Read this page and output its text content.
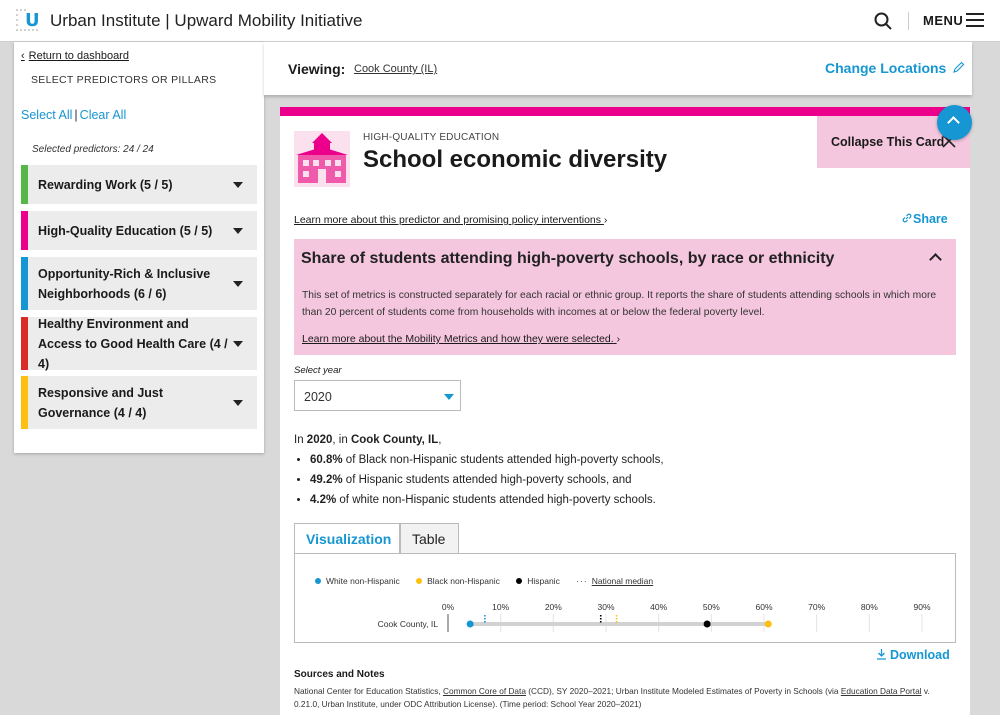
U Urban Institute | Upward Mobility Initiative	MENU
‹ Return to dashboard
SELECT PREDICTORS OR PILLARS
Select All | Clear All
Selected predictors: 24 / 24
Rewarding Work (5 / 5)
High-Quality Education (5 / 5)
Opportunity-Rich & Inclusive Neighborhoods (6 / 6)
Healthy Environment and Access to Good Health Care (4 / 4)
Responsive and Just Governance (4 / 4)
Viewing: Cook County (IL)	Change Locations
HIGH-QUALITY EDUCATION
School economic diversity
Collapse This Card
Learn more about this predictor and promising policy interventions ›	Share
Share of students attending high-poverty schools, by race or ethnicity
This set of metrics is constructed separately for each racial or ethnic group. It reports the share of students attending schools in which more than 20 percent of students come from households with incomes at or below the federal poverty level.
Learn more about the Mobility Metrics and how they were selected. ›
Select year
2020
In 2020, in Cook County, IL,
• 60.8% of Black non-Hispanic students attended high-poverty schools,
• 49.2% of Hispanic students attended high-poverty schools, and
• 4.2% of white non-Hispanic students attended high-poverty schools.
Visualization	Table
White non-Hispanic	Black non-Hispanic	Hispanic ··· National median
0%	10%	20%	30%	40%	50%	60%	70%	80%	90%
Cook County, IL
Download
Sources and Notes
National Center for Education Statistics, Common Core of Data (CCD), SY 2020–2021; Urban Institute Modeled Estimates of Poverty in Schools (via Education Data Portal v. 0.21.0, Urban Institute, under ODC Attribution License). (Time period: School Year 2020–2021)
